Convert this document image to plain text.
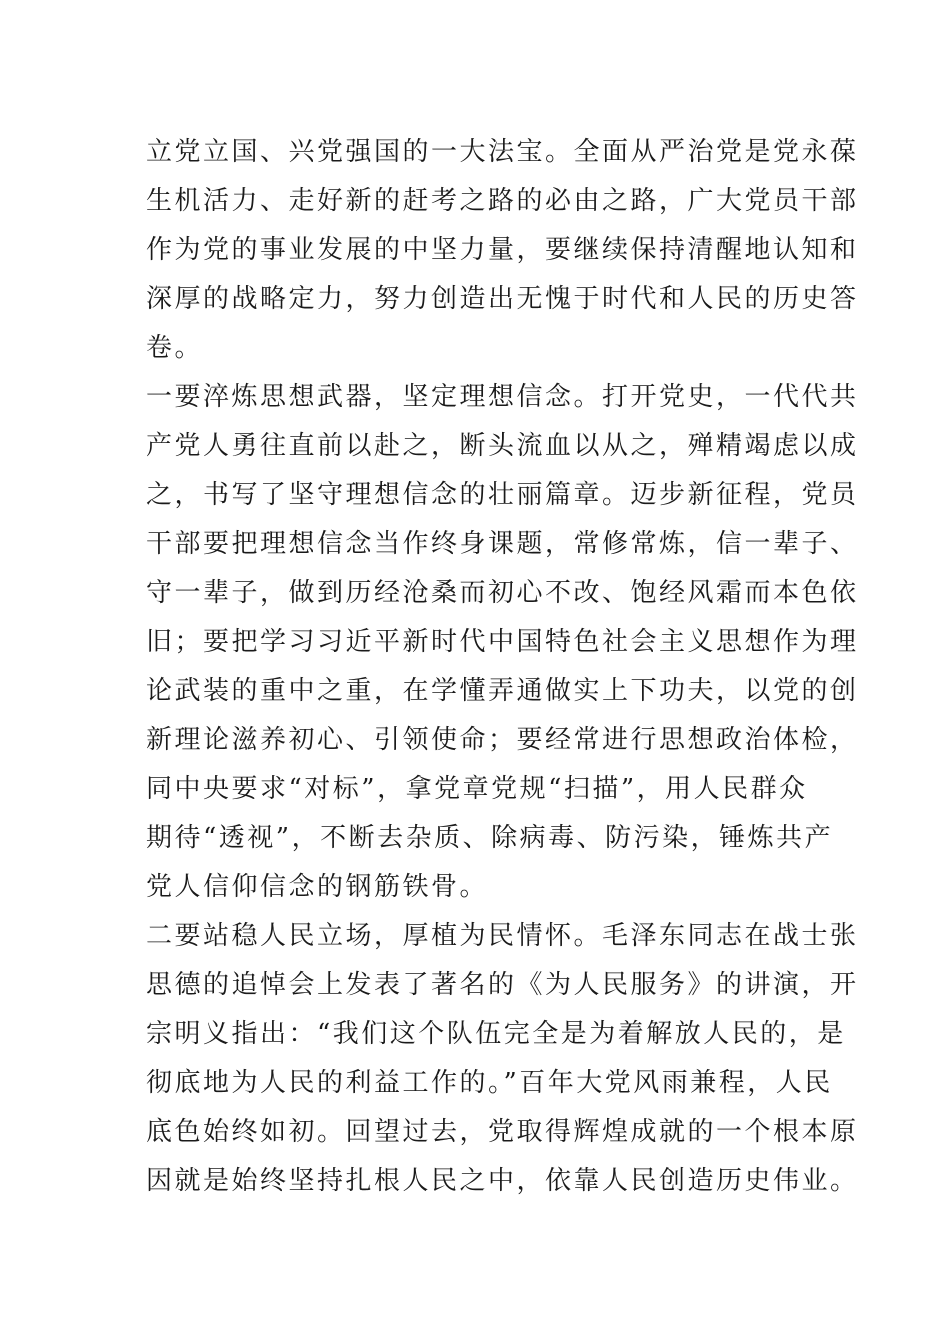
立党立国、兴党强国的一大法宝。全面从严治党是党永葆
生机活力、走好新的赶考之路的必由之路，广大党员干部
作为党的事业发展的中坚力量，要继续保持清醒地认知和
深厚的战略定力，努力创造出无愧于时代和人民的历史答
卷。
一要淬炼思想武器，坚定理想信念。打开党史，一代代共
产党人勇往直前以赴之，断头流血以从之，殚精竭虑以成
之，书写了坚守理想信念的壮丽篇章。迈步新征程，党员
干部要把理想信念当作终身课题，常修常炼，信一辈子、
守一辈子，做到历经沧桑而初心不改、饱经风霜而本色依
旧；要把学习习近平新时代中国特色社会主义思想作为理
论武装的重中之重，在学懂弄通做实上下功夫，以党的创
新理论滋养初心、引领使命；要经常进行思想政治体检，
同中央要求“对标”，拿党章党规“扫描”，用人民群众
期待“透视”，不断去杂质、除病毒、防污染，锤炼共产
党人信仰信念的钢筋铁骨。
二要站稳人民立场，厚植为民情怀。毛泽东同志在战士张
思德的追悼会上发表了著名的《为人民服务》的讲演，开
宗明义指出：“我们这个队伍完全是为着解放人民的，是
彻底地为人民的利益工作的。”百年大党风雨兼程，人民
底色始终如初。回望过去，党取得辉煌成就的一个根本原
因就是始终坚持扎根人民之中，依靠人民创造历史伟业。
